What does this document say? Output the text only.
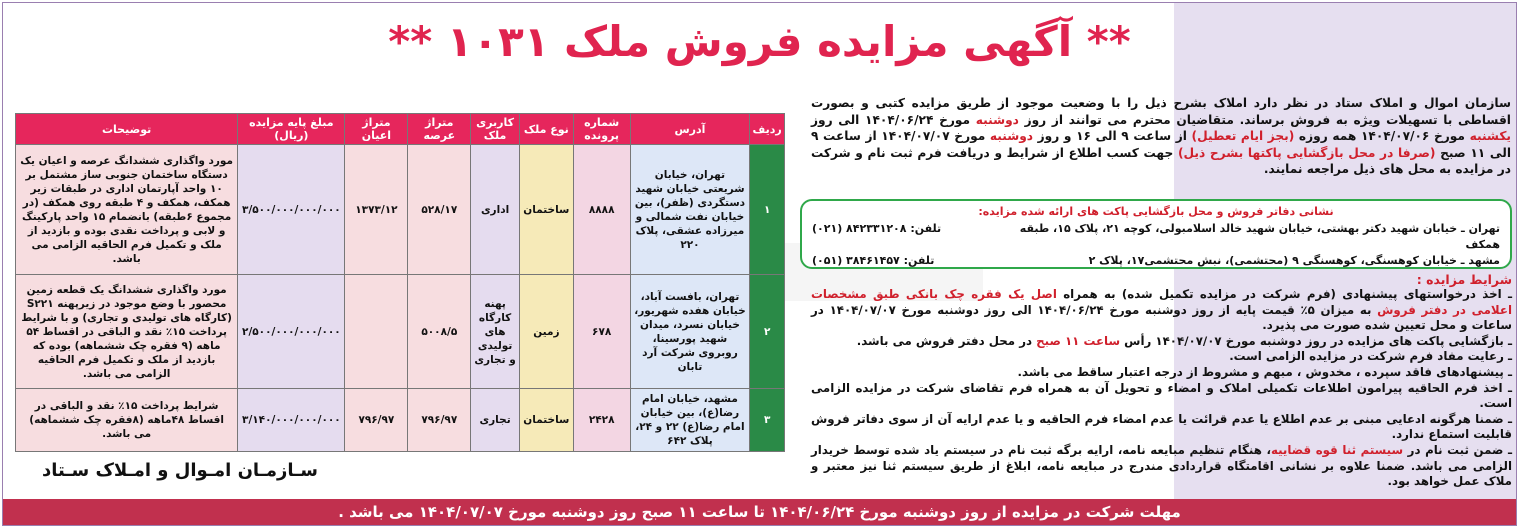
** آگهی مزایده فروش ملک ۱۰۳۱ **

سازمان اموال و املاک ستاد در نظر دارد املاک بشرح ذیل را با وضعیت موجود از طریق مزایده کتبی و بصورت اقساطی با تسهیلات ویژه به فروش برساند. متقاضیان محترم می توانند از روز دوشنبه مورخ ۱۴۰۴/۰۶/۲۴ الی روز یکشنبه مورخ ۱۴۰۴/۰۷/۰۶ همه روزه (بجز ایام تعطیل) از ساعت ۹ الی ۱۶ و روز دوشنبه مورخ ۱۴۰۴/۰۷/۰۷ از ساعت ۹ الی ۱۱ صبح (صرفا در محل بازگشایی پاکتها بشرح ذیل) جهت کسب اطلاع از شرایط و دریافت فرم ثبت نام و شرکت در مزایده به محل های ذیل مراجعه نمایند.

نشانی دفاتر فروش و محل بازگشایی پاکت های ارائه شده مزایده:
تهران ـ خیابان شهید دکتر بهشتی، خیابان شهید خالد اسلامبولی، کوچه ۲۱، پلاک ۱۵، طبقه همکف
تلفن: ۸۴۲۳۳۱۲۰۸ (۰۲۱)
مشهد ـ خیابان کوهسنگی، کوهسنگی ۹ (محتشمی)، نبش محتشمی۱۷، پلاک ۲
تلفن: ۳۸۴۶۱۴۵۷ (۰۵۱)
شرایط مزایده :
ـ اخذ درخواستهای پیشنهادی (فرم شرکت در مزایده تکمیل شده) به همراه اصل یک فقره چک بانکی طبق مشخصات اعلامی در دفتر فروش به میزان ۵٪ قیمت پایه از روز دوشنبه مورخ ۱۴۰۴/۰۶/۲۴ الی روز دوشنبه مورخ ۱۴۰۴/۰۷/۰۷ در ساعات و محل تعیین شده صورت می پذیرد.
ـ بازگشایی پاکت های مزایده در روز دوشنبه مورخ ۱۴۰۴/۰۷/۰۷ رأس ساعت ۱۱ صبح در محل دفتر فروش می باشد.
ـ رعایت مفاد فرم شرکت در مزایده الزامی است.
ـ پیشنهادهای فاقد سپرده ، مخدوش ، مبهم و مشروط از درجه اعتبار ساقط می باشد.
ـ اخذ فرم الحاقیه پیرامون اطلاعات تکمیلی املاک و امضاء و تحویل آن به همراه فرم تقاضای شرکت در مزایده الزامی است.
ـ ضمنا هرگونه ادعایی مبنی بر عدم اطلاع یا عدم قرائت یا عدم امضاء فرم الحاقیه و یا عدم ارایه آن از سوی دفاتر فروش قابلیت استماع ندارد.
ـ ضمن ثبت نام در سیستم ثنا قوه قضاییه، هنگام تنظیم مبایعه نامه، ارایه برگه ثبت نام در سیستم یاد شده توسط خریدار الزامی می باشد. ضمنا علاوه بر نشانی اقامتگاه قراردادی مندرج در مبایعه نامه، ابلاغ از طریق سیستم ثنا نیز معتبر و ملاک عمل خواهد بود.
ردیف	آدرس	شماره پرونده	نوع ملک	کاربری ملک	متراژ عرصه	متراژ اعیان	مبلغ پایه مزایده (ریال)	توضیحات
۱	تهران، خیابان شریعتی خیابان شهید دستگردی (ظفر)، بین خیابان نفت شمالی و میرزاده عشقی، پلاک ۲۲۰	۸۸۸۸	ساختمان	اداری	۵۲۸/۱۷	۱۳۷۳/۱۲	۳/۵۰۰/۰۰۰/۰۰۰/۰۰۰	مورد واگذاری ششدانگ عرصه و اعیان یک دستگاه ساختمان جنوبی ساز مشتمل بر ۱۰ واحد آپارتمان اداری در طبقات زیر همکف، همکف و ۴ طبقه روی همکف (در مجموع ۶طبقه) بانضمام ۱۵ واحد پارکینگ و لابی و پرداخت نقدی بوده و بازدید از ملک و تکمیل فرم الحاقیه الزامی می باشد.
۲	تهران، بافست آباد، خیابان هفده شهریور، خیابان نسرد، میدان شهید پورسینا، روبروی شرکت آرد تابان	۶۷۸	زمین	پهنه کارگاه های تولیدی و تجاری	۵۰۰۸/۵		۲/۵۰۰/۰۰۰/۰۰۰/۰۰۰	مورد واگذاری ششدانگ یک قطعه زمین محصور با وضع موجود در زیرپهنه S۲۲۱ (کارگاه های تولیدی و تجاری) و با شرایط پرداخت ۱۵٪ نقد و الباقی در اقساط ۵۴ ماهه (۹ فقره چک ششماهه) بوده که بازدید از ملک و تکمیل فرم الحاقیه الزامی می باشد.
۳	مشهد، خیابان امام رضا(ع)، بین خیابان امام رضا(ع) ۲۲ و ۲۴، پلاک ۶۴۲	۲۴۲۸	ساختمان	تجاری	۷۹۶/۹۷	۷۹۶/۹۷	۳/۱۴۰/۰۰۰/۰۰۰/۰۰۰	شرایط پرداخت ۱۵٪ نقد و الباقی در اقساط ۴۸ماهه (۸فقره چک ششماهه) می باشد.
سـازمـان امـوال و امـلاک سـتاد
مهلت شرکت در مزایده از روز دوشنبه مورخ ۱۴۰۴/۰۶/۲۴ تا ساعت ۱۱ صبح روز دوشنبه مورخ ۱۴۰۴/۰۷/۰۷ می باشد .
